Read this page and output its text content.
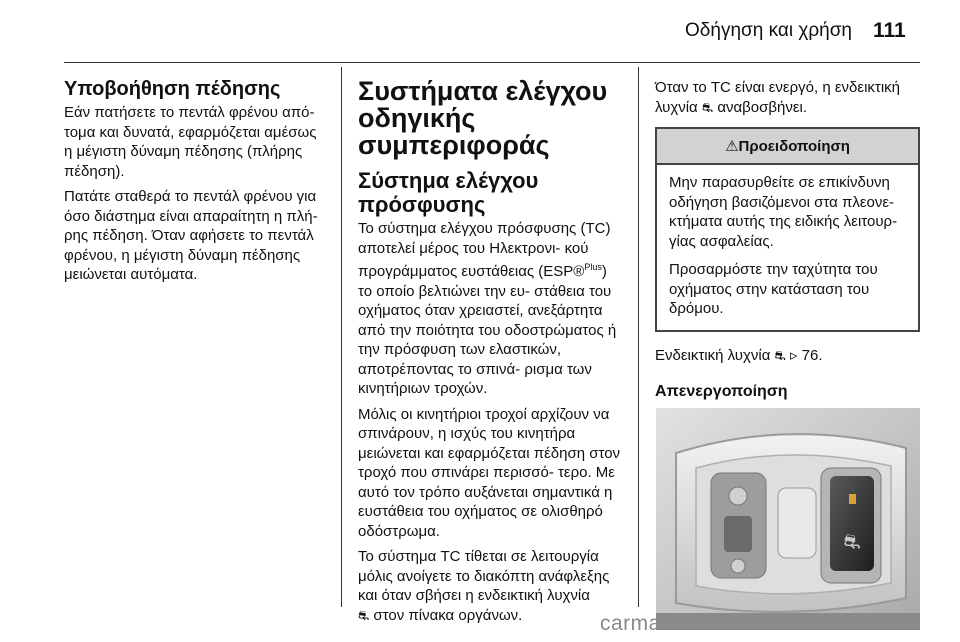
Οδήγηση και χρήση 111
Υποβοήθηση πέδησης

Εάν πατήσετε το πεντάλ φρένου από- τομα και δυνατά, εφαρμόζεται αμέσως η μέγιστη δύναμη πέδησης (πλήρης πέδηση).

Πατάτε σταθερά το πεντάλ φρένου για όσο διάστημα είναι απαραίτητη η πλή- ρης πέδηση. Όταν αφήσετε το πεντάλ φρένου, η μέγιστη δύναμη πέδησης μειώνεται αυτόματα.

Συστήματα ελέγχου οδηγικής συμπεριφοράς
Σύστημα ελέγχου πρόσφυσης

Το σύστημα ελέγχου πρόσφυσης (TC) αποτελεί μέρος του Ηλεκτρονι- κού προγράμματος ευστάθειας (ESP®$^{Plus}$) το οποίο βελτιώνει την ευ- στάθεια του οχήματος όταν χρειαστεί, ανεξάρτητα από την ποιότητα του οδοστρώματος ή την πρόσφυση των ελαστικών, αποτρέποντας το σπινά- ρισμα των κινητήριων τροχών.

Μόλις οι κινητήριοι τροχοί αρχίζουν να σπινάρουν, η ισχύς του κινητήρα μειώνεται και εφαρμόζεται πέδηση στον τροχό που σπινάρει περισσό- τερο. Με αυτό τον τρόπο αυξάνεται σημαντικά η ευστάθεια του οχήματος σε ολισθηρό οδόστρωμα.

Το σύστημα TC τίθεται σε λειτουργία μόλις ανοίγετε το διακόπτη ανάφλεξης και όταν σβήσει η ενδεικτική λυχνία
⛐ στον πίνακα οργάνων.

Όταν το TC είναι ενεργό, η ενδεικτική λυχνία ⛐ αναβοσβήνει.

⚠Προειδοποίηση

Μην παρασυρθείτε σε επικίνδυνη οδήγηση βασιζόμενοι στα πλεονε- κτήματα αυτής της ειδικής λειτουρ- γίας ασφαλείας.

Προσαρμόστε την ταχύτητα του οχήματος στην κατάσταση του δρόμου.

Ενδεικτική λυχνία ⛐ ▹ 76.

Απενεργοποίηση
⛐
carmanualsonline.info
